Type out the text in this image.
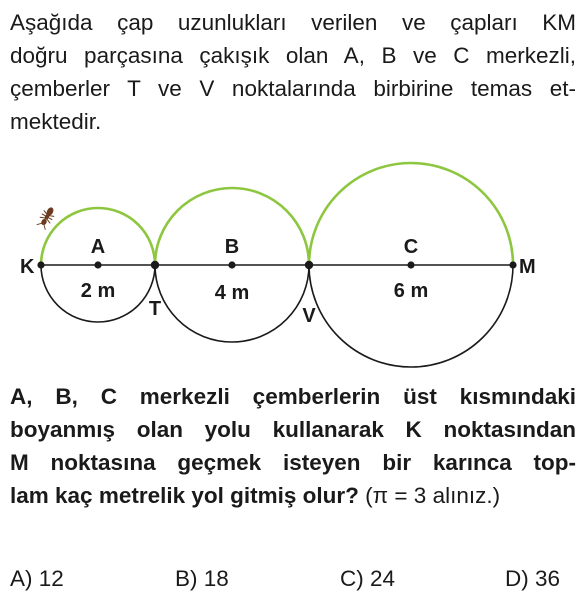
Aşağıda çap uzunlukları verilen ve çapları KM
doğru parçasına çakışık olan A, B ve C merkezli,
çemberler T ve V noktalarında birbirine temas et-
mektedir.
K	M
A	B	C
T	V
2 m	4 m	6 m
A, B, C merkezli çemberlerin üst kısmındaki
boyanmış olan yolu kullanarak K noktasından
M noktasına geçmek isteyen bir karınca top-
lam kaç metrelik yol gitmiş olur? (π = 3 alınız.)
A) 12	B) 18	C) 24	D) 36
